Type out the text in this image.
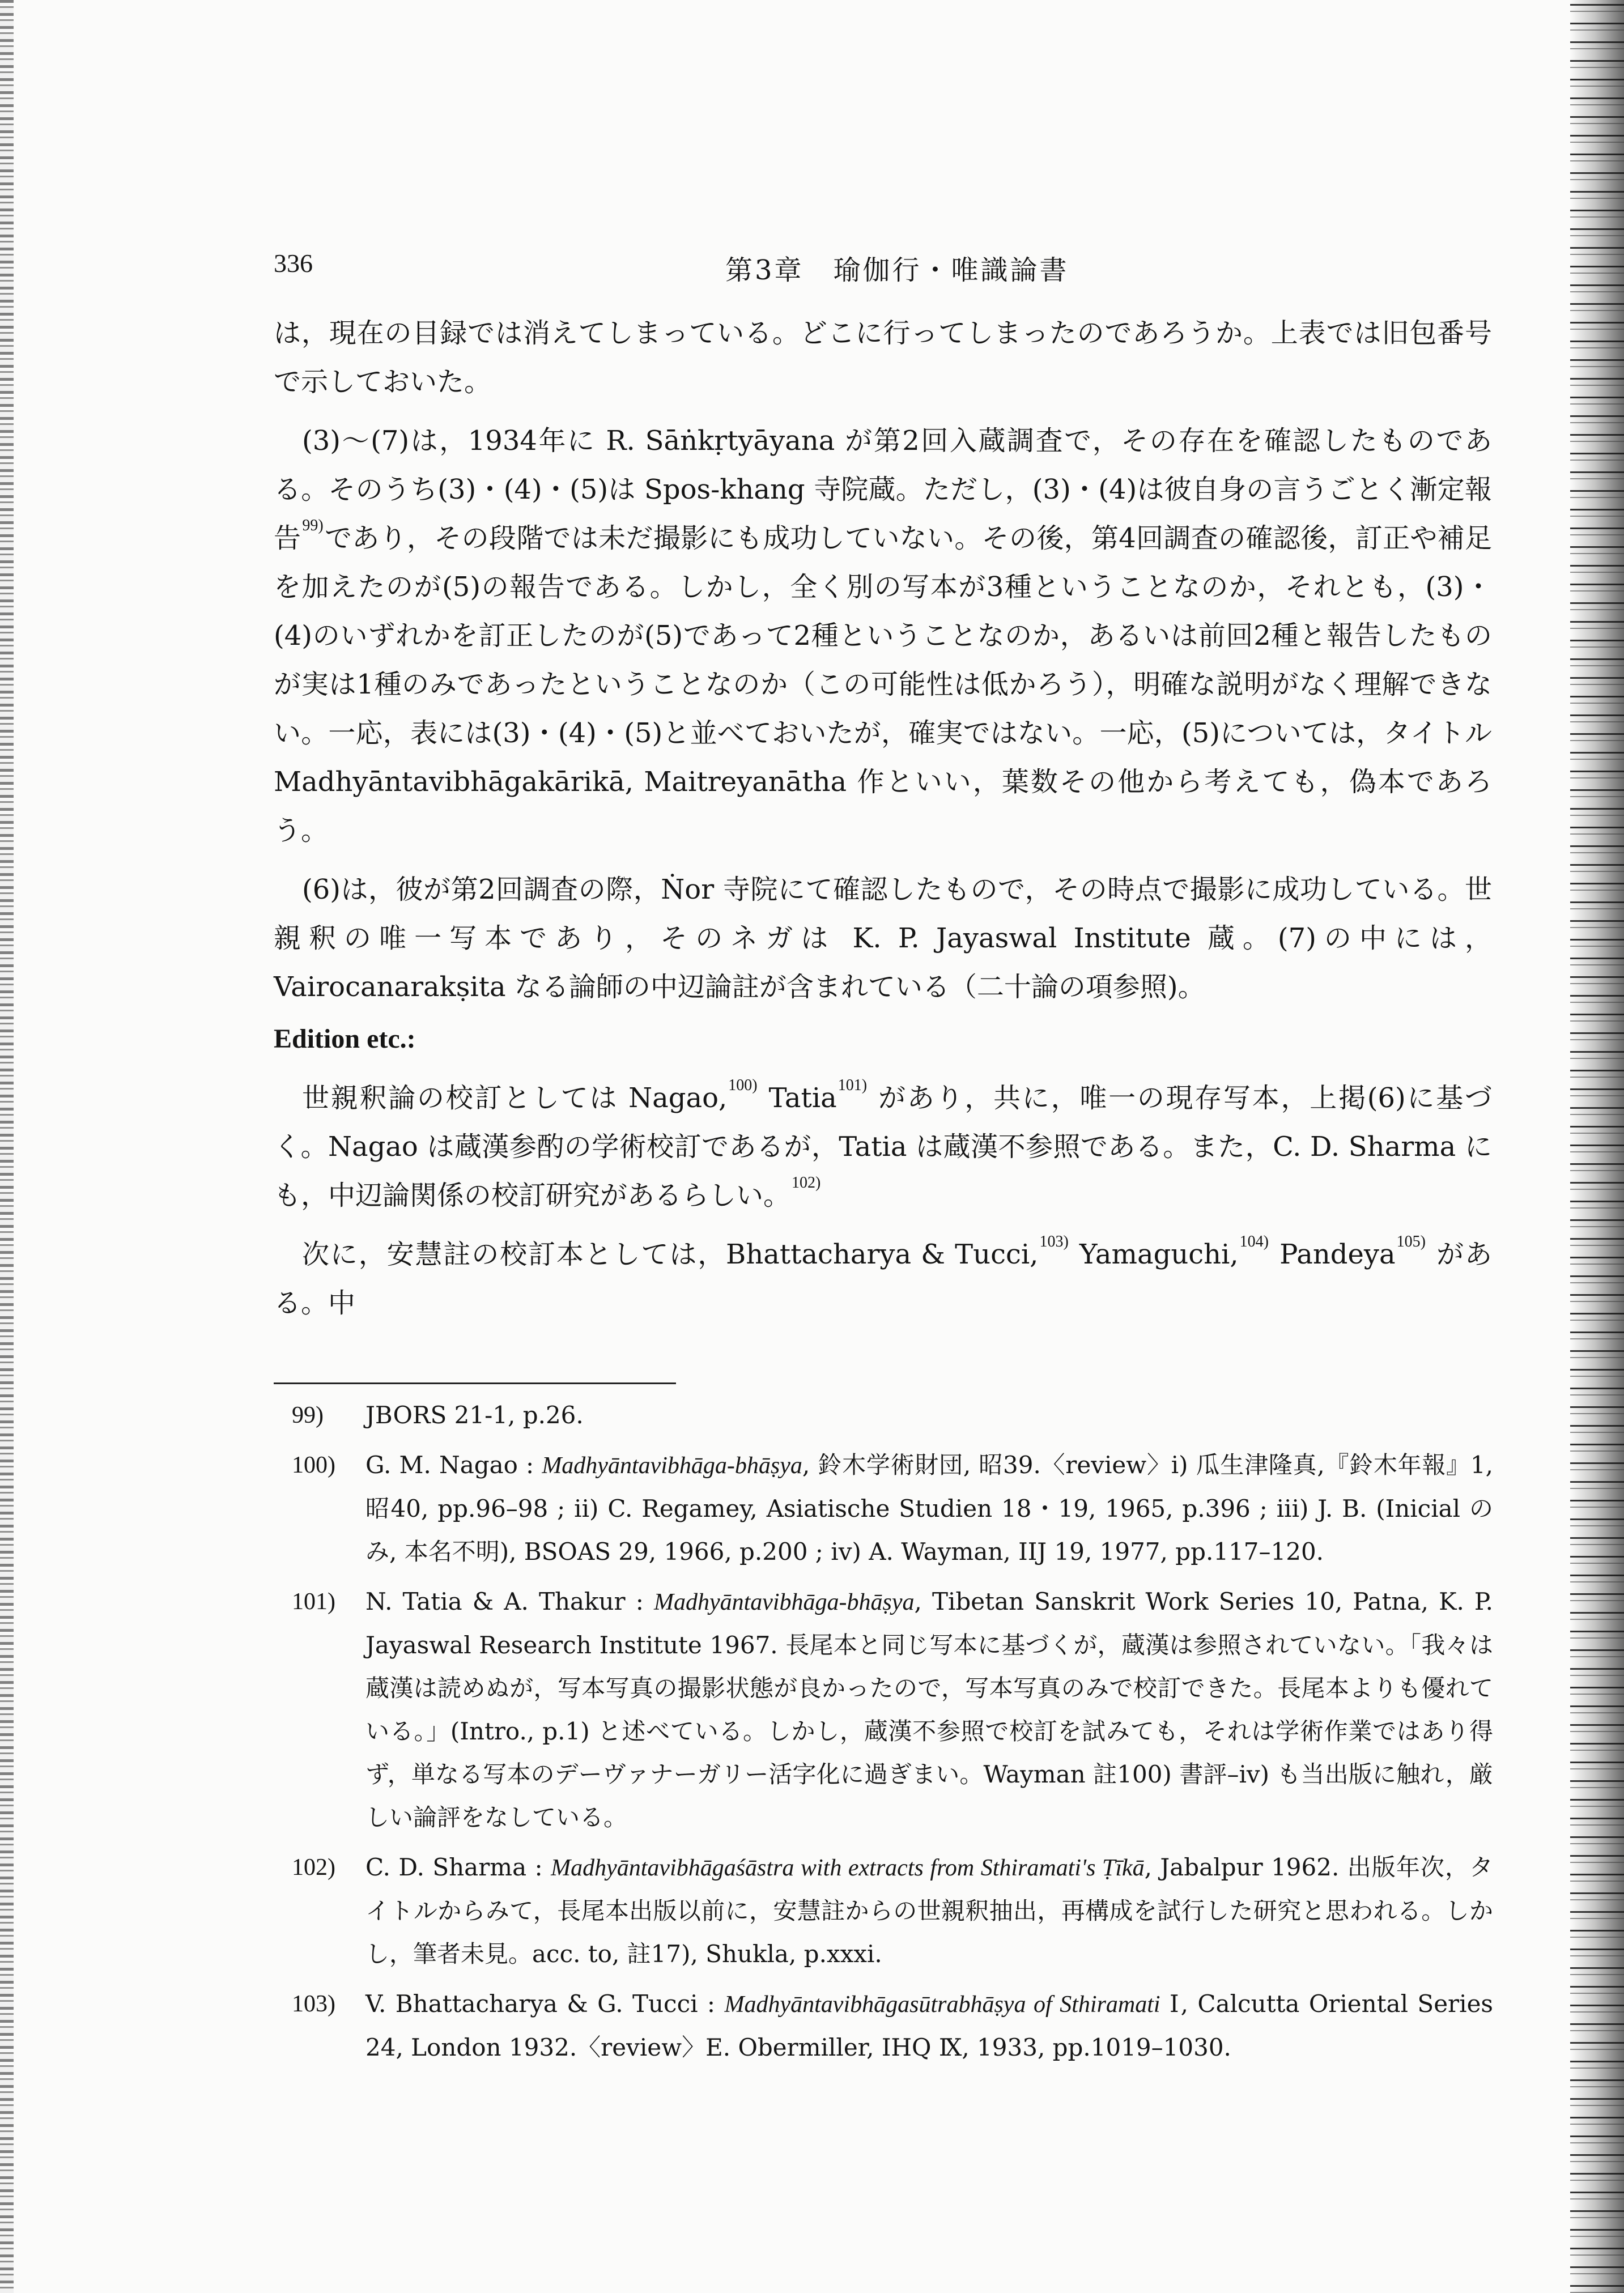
336	第3章　瑜伽行・唯識論書

は，現在の目録では消えてしまっている。どこに行ってしまったのであろうか。上表では旧包番号で示しておいた。

(3)〜(7)は，1934年に R. Sāṅkṛtyāyana が第2回入蔵調査で，その存在を確認したものである。そのうち(3)・(4)・(5)は Spos-khang 寺院蔵。ただし，(3)・(4)は彼自身の言うごとく漸定報告$^{99)}$であり，その段階では未だ撮影にも成功していない。その後，第4回調査の確認後，訂正や補足を加えたのが(5)の報告である。しかし，全く別の写本が3種ということなのか，それとも，(3)・(4)のいずれかを訂正したのが(5)であって2種ということなのか，あるいは前回2種と報告したものが実は1種のみであったということなのか（この可能性は低かろう），明確な説明がなく理解できない。一応，表には(3)・(4)・(5)と並べておいたが，確実ではない。一応，(5)については，タイトル Madhyāntavibhāgakārikā, Maitreyanātha 作といい，葉数その他から考えても，偽本であろう。

(6)は，彼が第2回調査の際，Ṅor 寺院にて確認したもので，その時点で撮影に成功している。世親釈の唯一写本であり，そのネガは K. P. Jayaswal Institute 蔵。(7)の中には，Vairocanarakṣita なる論師の中辺論註が含まれている（二十論の項参照)。

Edition etc.:

世親釈論の校訂としては Nagao,$^{100)}$ Tatia$^{101)}$ があり，共に，唯一の現存写本，上掲(6)に基づく。Nagao は蔵漢参酌の学術校訂であるが，Tatia は蔵漢不参照である。また，C. D. Sharma にも，中辺論関係の校訂研究があるらしい。$^{102)}$

次に，安慧註の校訂本としては，Bhattacharya & Tucci,$^{103)}$ Yamaguchi,$^{104)}$ Pandeya$^{105)}$ がある。中

99)	JBORS 21-1, p.26.
100)	G. M. Nagao : Madhyāntavibhāga-bhāṣya, 鈴木学術財団, 昭39.〈review〉i) 瓜生津隆真,『鈴木年報』1, 昭40, pp.96–98 ; ii) C. Regamey, Asiatische Studien 18・19, 1965, p.396 ; iii) J. B. (Inicial のみ, 本名不明), BSOAS 29, 1966, p.200 ; iv) A. Wayman, IIJ 19, 1977, pp.117–120.
101)	N. Tatia & A. Thakur : Madhyāntavibhāga-bhāṣya, Tibetan Sanskrit Work Series 10, Patna, K. P. Jayaswal Research Institute 1967. 長尾本と同じ写本に基づくが，蔵漢は参照されていない。「我々は蔵漢は読めぬが，写本写真の撮影状態が良かったので，写本写真のみで校訂できた。長尾本よりも優れている。」(Intro., p.1) と述べている。しかし，蔵漢不参照で校訂を試みても，それは学術作業ではあり得ず，単なる写本のデーヴァナーガリー活字化に過ぎまい。Wayman 註100) 書評–iv) も当出版に触れ，厳しい論評をなしている。
102)	C. D. Sharma : Madhyāntavibhāgaśāstra with extracts from Sthiramati's Ṭīkā, Jabalpur 1962. 出版年次，タイトルからみて，長尾本出版以前に，安慧註からの世親釈抽出，再構成を試行した研究と思われる。しかし，筆者未見。acc. to, 註17), Shukla, p.xxxi.
103)	V. Bhattacharya & G. Tucci : Madhyāntavibhāgasūtrabhāṣya of Sthiramati Ⅰ, Calcutta Oriental Series 24, London 1932.〈review〉E. Obermiller, IHQ Ⅸ, 1933, pp.1019–1030.
